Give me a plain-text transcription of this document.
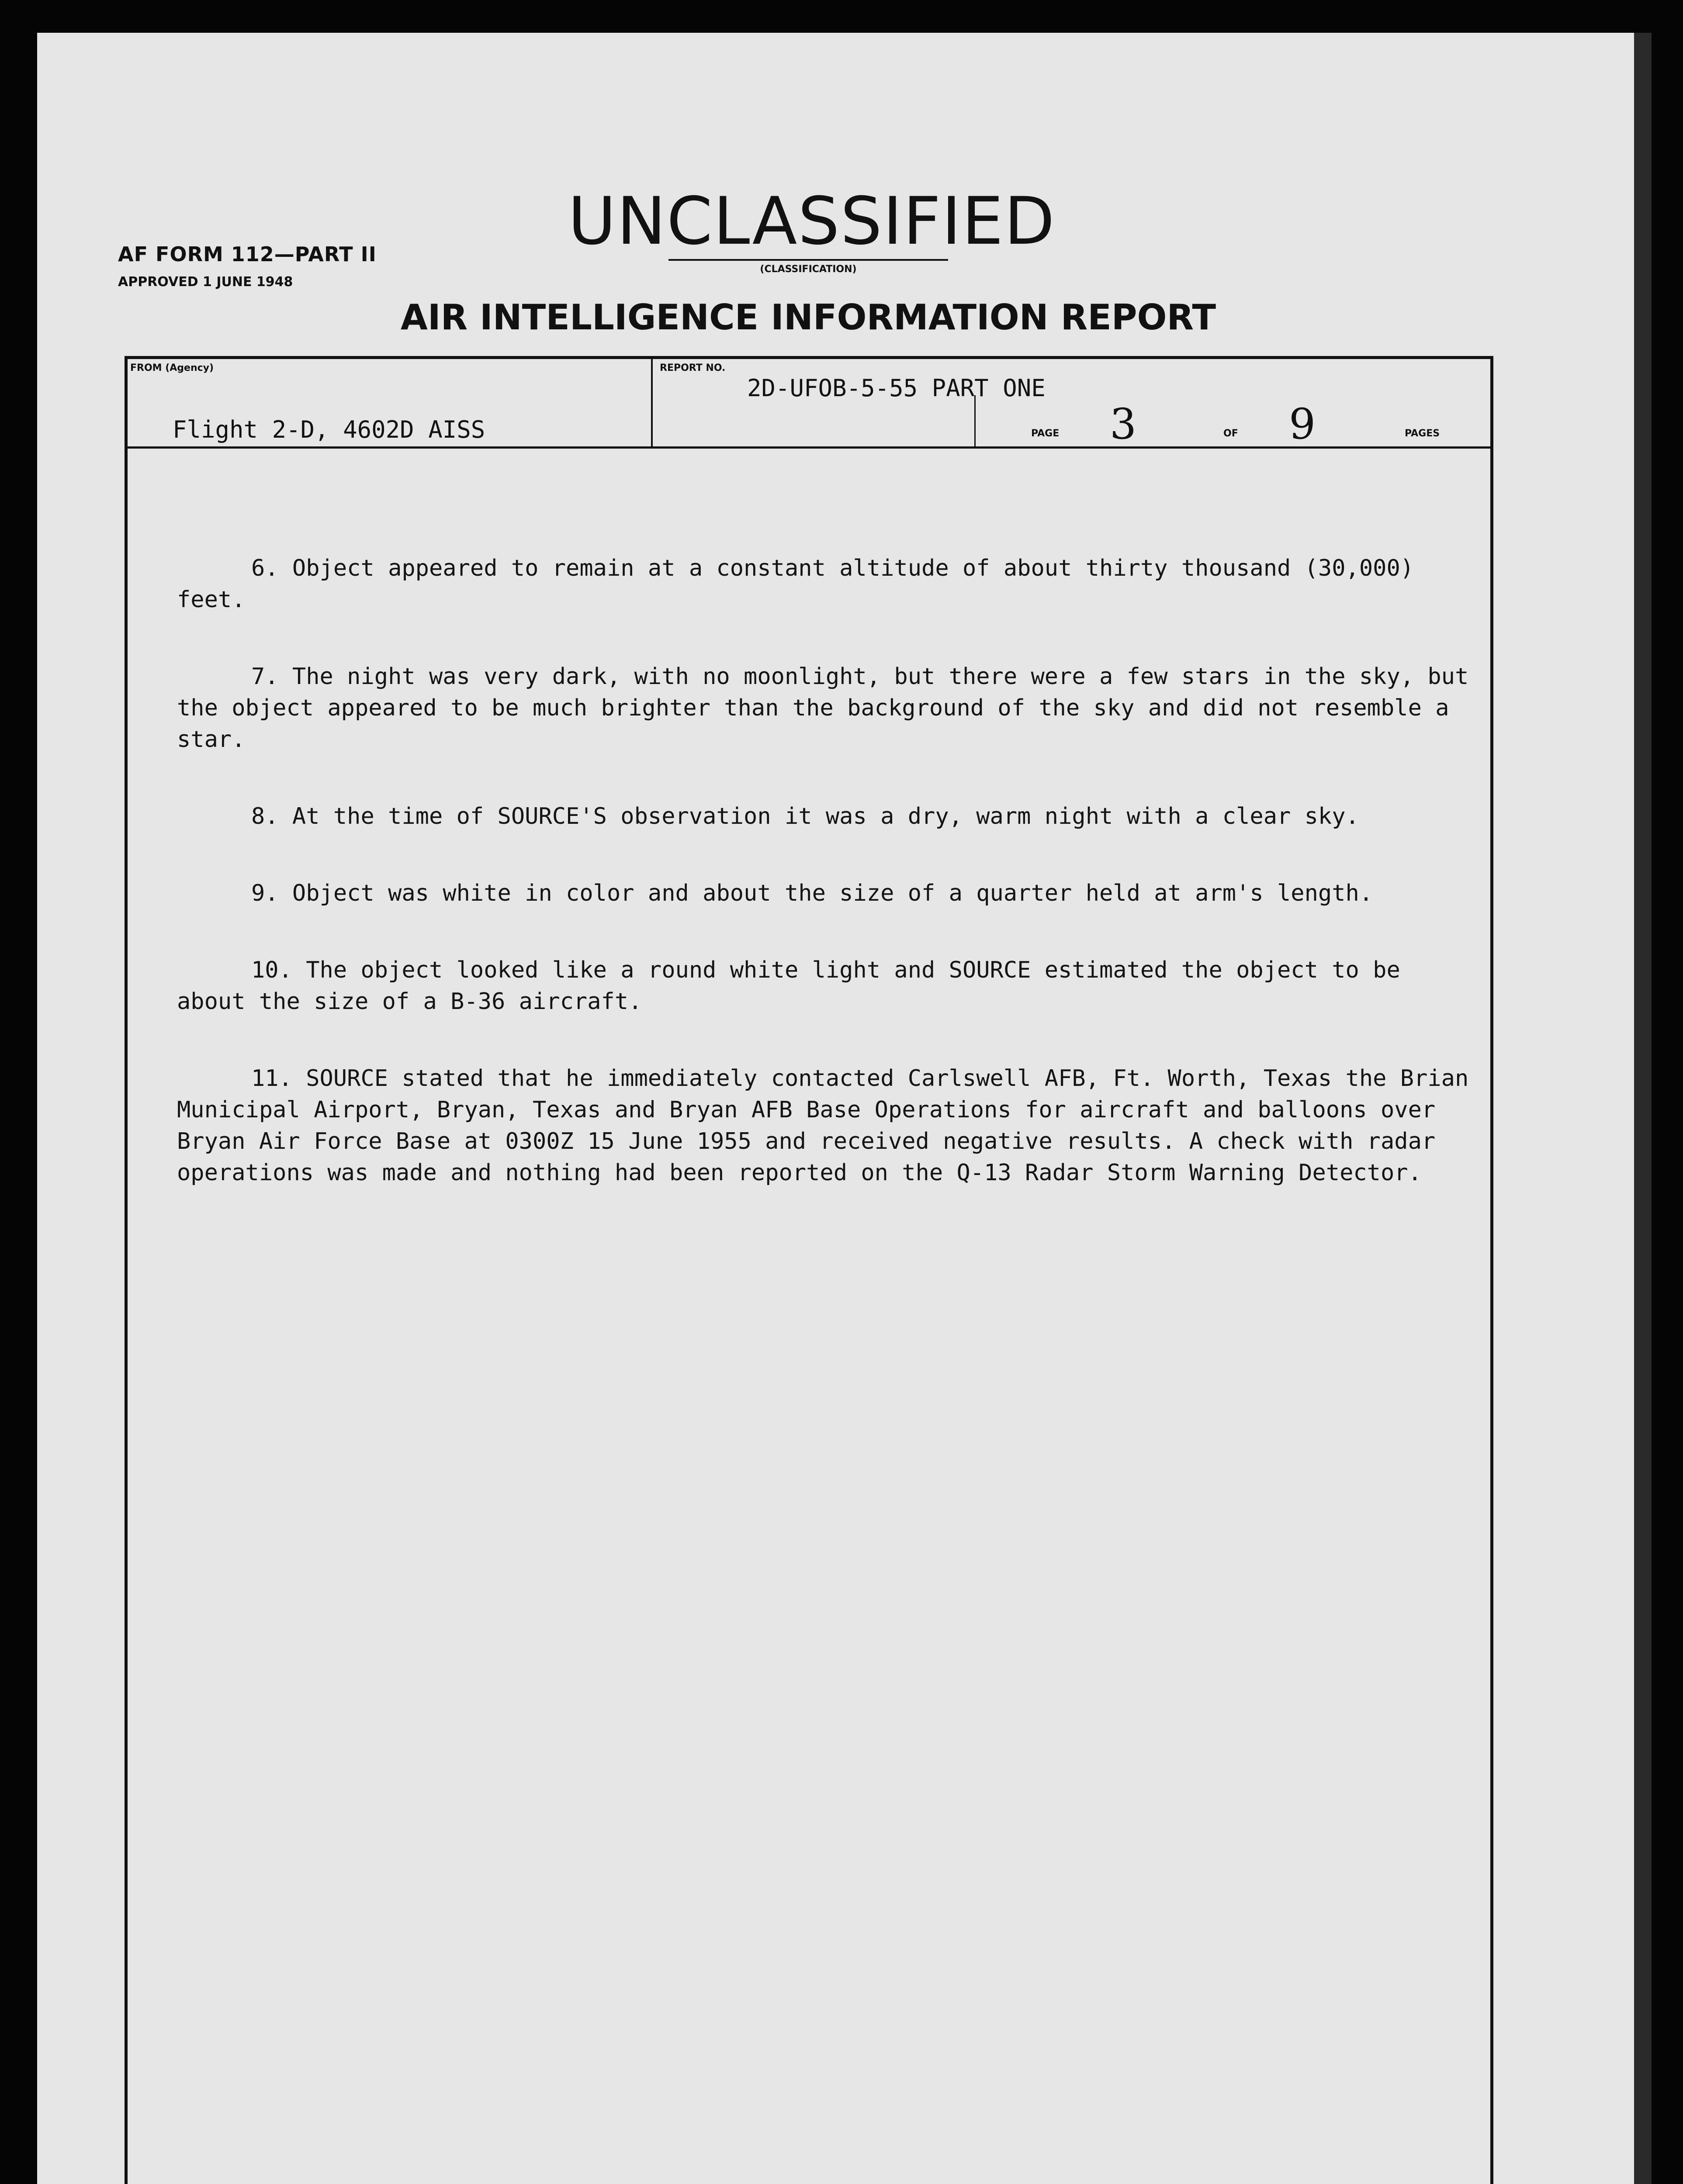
AF FORM 112—PART II
APPROVED 1 JUNE 1948
UNCLASSIFIED
(CLASSIFICATION)
AIR INTELLIGENCE INFORMATION REPORT
FROM (Agency)
Flight 2-D, 4602D AISS
REPORT NO.
2D-UFOB-5-55 PART ONE
PAGE 3	OF 9	PAGES

6. Object appeared to remain at a constant altitude of about thirty thousand (30,000) feet.

7. The night was very dark, with no moonlight, but there were a few stars in the sky, but the object appeared to be much brighter than the background of the sky and did not resemble a star.

8. At the time of SOURCE'S observation it was a dry, warm night with a clear sky.

9. Object was white in color and about the size of a quarter held at arm's length.

10. The object looked like a round white light and SOURCE estimated the object to be about the size of a B-36 aircraft.

11. SOURCE stated that he immediately contacted Carlswell AFB, Ft. Worth, Texas the Brian Municipal Airport, Bryan, Texas and Bryan AFB Base Operations for aircraft and balloons over Bryan Air Force Base at 0300Z 15 June 1955 and received negative results. A check with radar operations was made and nothing had been reported on the Q-13 Radar Storm Warning Detector.
